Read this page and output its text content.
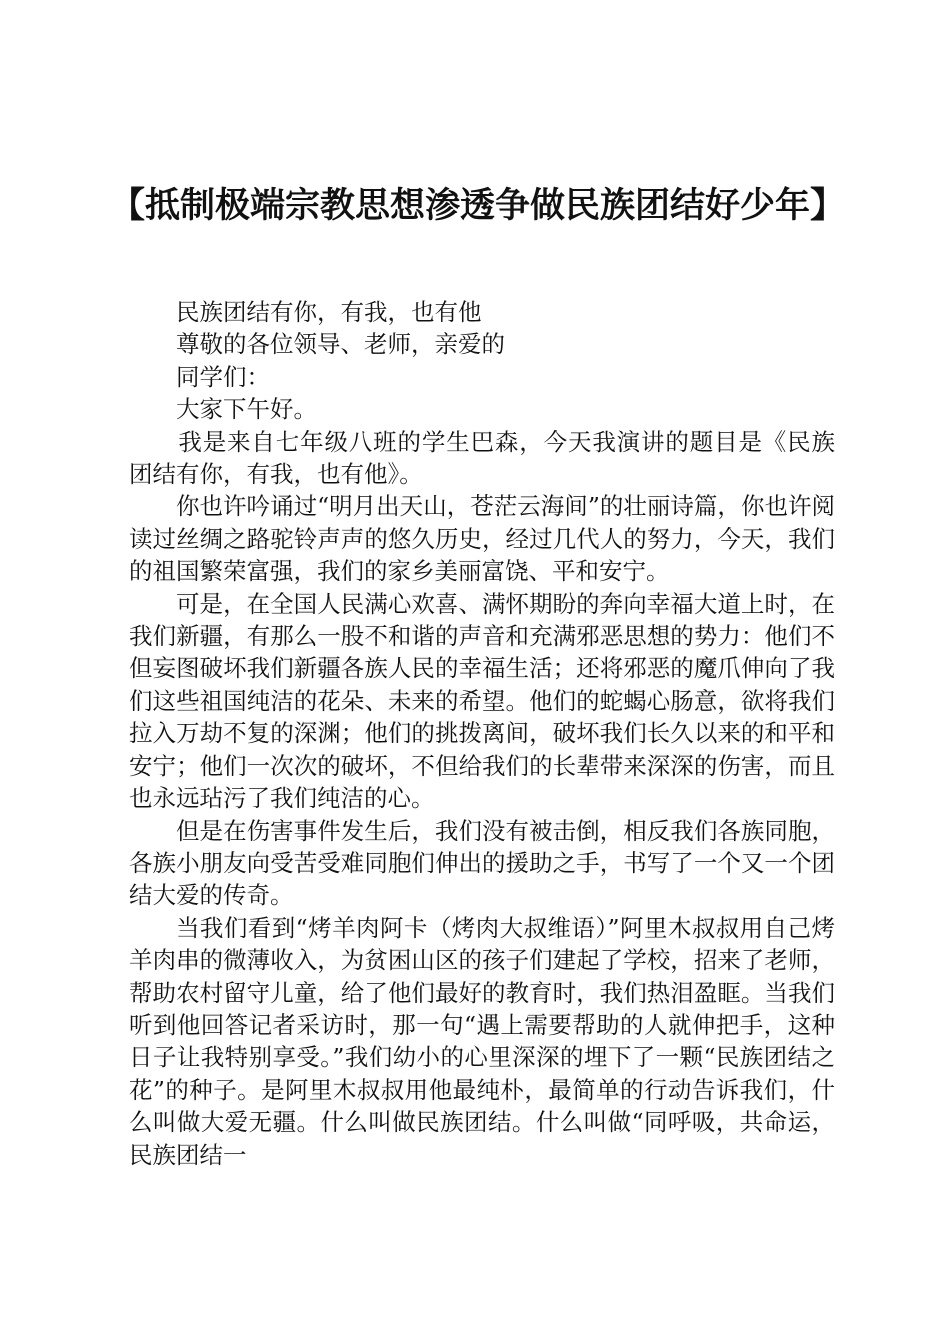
【抵制极端宗教思想渗透争做民族团结好少年】

民族团结有你，有我，也有他

尊敬的各位领导、老师，亲爱的

同学们：

大家下午好。

我是来自七年级八班的学生巴森，今天我演讲的题目是《民族团结有你，有我，也有他》。

你也许吟诵过“明月出天山，苍茫云海间”的壮丽诗篇，你也许阅读过丝绸之路驼铃声声的悠久历史，经过几代人的努力，今天，我们的祖国繁荣富强，我们的家乡美丽富饶、平和安宁。

可是，在全国人民满心欢喜、满怀期盼的奔向幸福大道上时，在我们新疆，有那么一股不和谐的声音和充满邪恶思想的势力：他们不但妄图破坏我们新疆各族人民的幸福生活；还将邪恶的魔爪伸向了我们这些祖国纯洁的花朵、未来的希望。他们的蛇蝎心肠意，欲将我们拉入万劫不复的深渊；他们的挑拨离间，破坏我们长久以来的和平和安宁；他们一次次的破坏，不但给我们的长辈带来深深的伤害，而且也永远玷污了我们纯洁的心。

但是在伤害事件发生后，我们没有被击倒，相反我们各族同胞，各族小朋友向受苦受难同胞们伸出的援助之手，书写了一个又一个团结大爱的传奇。

当我们看到“烤羊肉阿卡（烤肉大叔维语）”阿里木叔叔用自己烤羊肉串的微薄收入，为贫困山区的孩子们建起了学校，招来了老师，帮助农村留守儿童，给了他们最好的教育时，我们热泪盈眶。当我们听到他回答记者采访时，那一句“遇上需要帮助的人就伸把手，这种日子让我特别享受。”我们幼小的心里深深的埋下了一颗“民族团结之花”的种子。是阿里木叔叔用他最纯朴，最简单的行动告诉我们，什么叫做大爱无疆。什么叫做民族团结。什么叫做“同呼吸，共命运，民族团结一
